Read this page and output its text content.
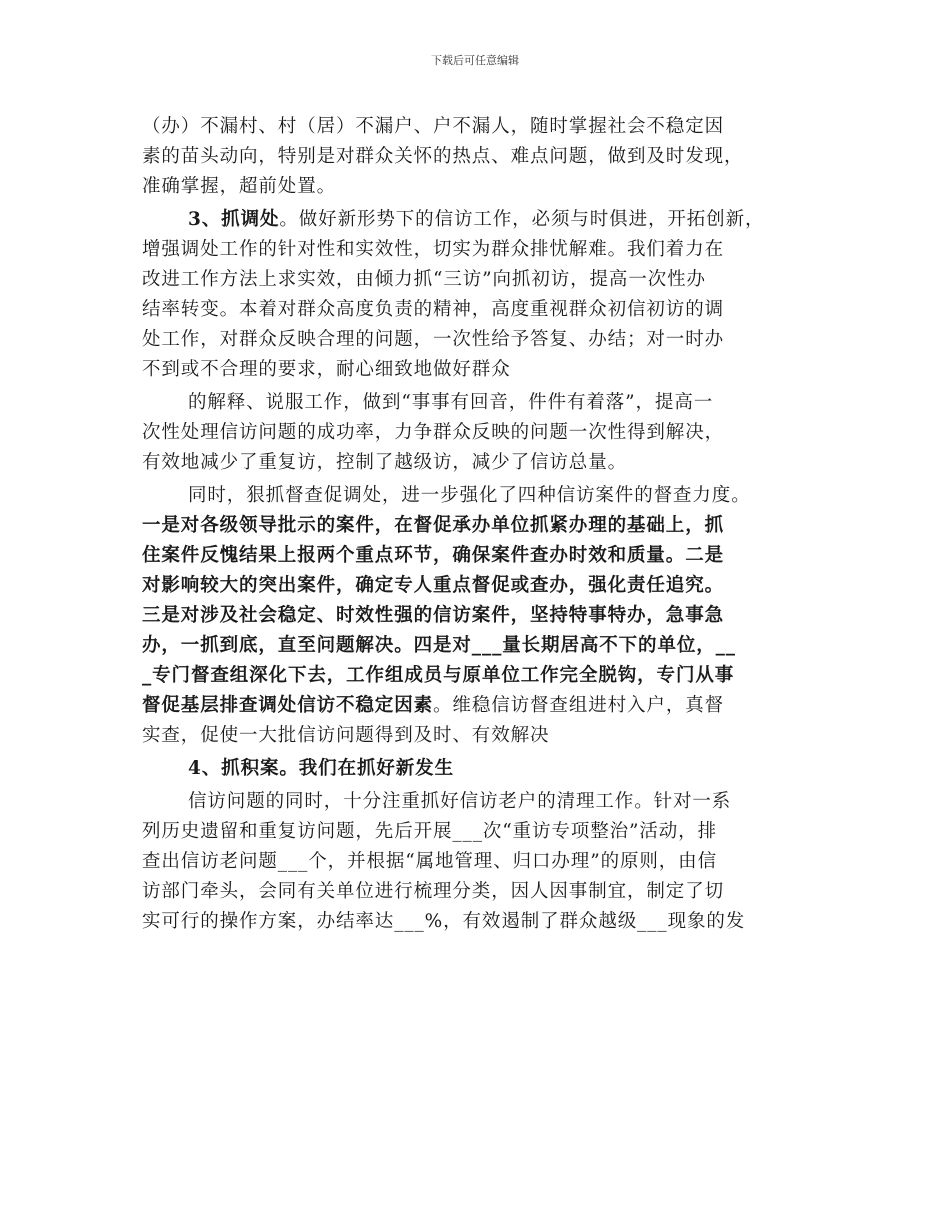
下载后可任意编辑
（办）不漏村、村（居）不漏户、户不漏人，随时掌握社会不稳定因
素的苗头动向，特别是对群众关怀的热点、难点问题，做到及时发现，
准确掌握，超前处置。
3、抓调处。做好新形势下的信访工作，必须与时俱进，开拓创新，
增强调处工作的针对性和实效性，切实为群众排忧解难。我们着力在
改进工作方法上求实效，由倾力抓“三访”向抓初访，提高一次性办
结率转变。本着对群众高度负责的精神，高度重视群众初信初访的调
处工作，对群众反映合理的问题，一次性给予答复、办结；对一时办
不到或不合理的要求，耐心细致地做好群众
的解释、说服工作，做到“事事有回音，件件有着落”，提高一
次性处理信访问题的成功率，力争群众反映的问题一次性得到解决，
有效地减少了重复访，控制了越级访，减少了信访总量。
同时，狠抓督查促调处，进一步强化了四种信访案件的督查力度。
一是对各级领导批示的案件，在督促承办单位抓紧办理的基础上，抓
住案件反愧结果上报两个重点环节，确保案件查办时效和质量。二是
对影响较大的突出案件，确定专人重点督促或查办，强化责任追究。
三是对涉及社会稳定、时效性强的信访案件，坚持特事特办，急事急
办，一抓到底，直至问题解决。四是对___量长期居高不下的单位，__
_专门督查组深化下去，工作组成员与原单位工作完全脱钩，专门从事
督促基层排查调处信访不稳定因素。维稳信访督查组进村入户，真督
实查，促使一大批信访问题得到及时、有效解决
4、抓积案。我们在抓好新发生
信访问题的同时，十分注重抓好信访老户的清理工作。针对一系
列历史遗留和重复访问题，先后开展___次“重访专项整治”活动，排
查出信访老问题___个，并根据“属地管理、归口办理”的原则，由信
访部门牵头，会同有关单位进行梳理分类，因人因事制宜，制定了切
实可行的操作方案，办结率达___%，有效遏制了群众越级___现象的发
